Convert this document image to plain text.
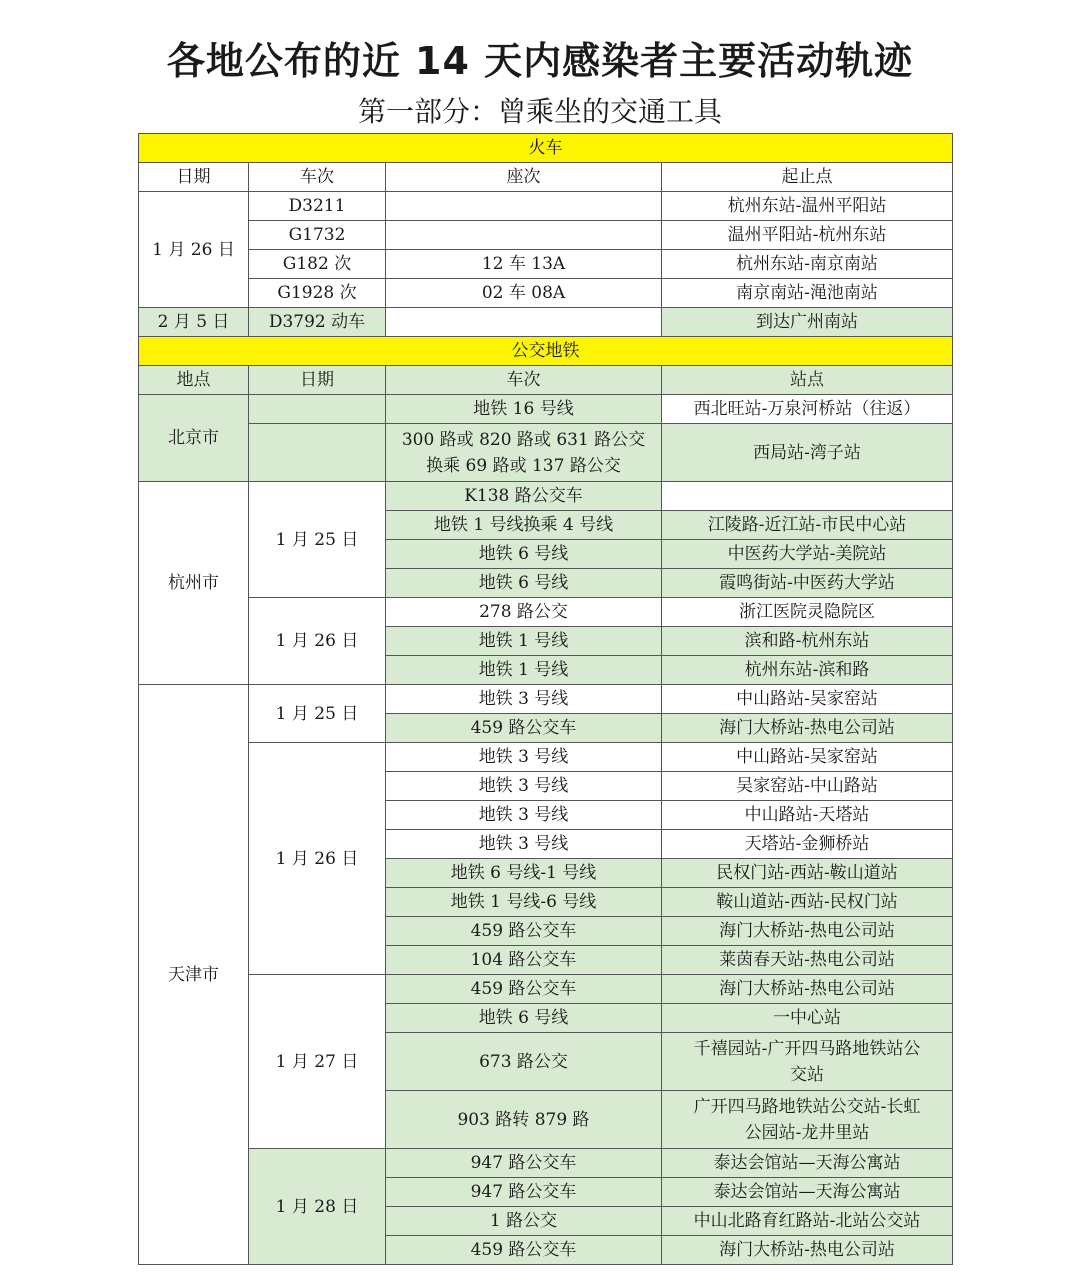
各地公布的近 14 天内感染者主要活动轨迹
第一部分：曾乘坐的交通工具
火车			
日期	车次	座次	起止点
1 月 26 日	D3211		杭州东站-温州平阳站
	G1732		温州平阳站-杭州东站
	G182 次	12 车 13A	杭州东站-南京南站
	G1928 次	02 车 08A	南京南站-渑池南站
2 月 5 日	D3792 动车		到达广州南站
公交地铁			
地点	日期	车次	站点
北京市		地铁 16 号线	西北旺站-万泉河桥站（往返）
		300 路或 820 路或 631 路公交
换乘 69 路或 137 路公交	西局站-湾子站
杭州市	1 月 25 日	K138 路公交车	
		地铁 1 号线换乘 4 号线	江陵路-近江站-市民中心站
		地铁 6 号线	中医药大学站-美院站
		地铁 6 号线	霞鸣街站-中医药大学站
	1 月 26 日	278 路公交	浙江医院灵隐院区
		地铁 1 号线	滨和路-杭州东站
		地铁 1 号线	杭州东站-滨和路
天津市	1 月 25 日	地铁 3 号线	中山路站-吴家窑站
		459 路公交车	海门大桥站-热电公司站
	1 月 26 日	地铁 3 号线	中山路站-吴家窑站
		地铁 3 号线	吴家窑站-中山路站
		地铁 3 号线	中山路站-天塔站
		地铁 3 号线	天塔站-金狮桥站
		地铁 6 号线-1 号线	民权门站-西站-鞍山道站
		地铁 1 号线-6 号线	鞍山道站-西站-民权门站
		459 路公交车	海门大桥站-热电公司站
		104 路公交车	莱茵春天站-热电公司站
	1 月 27 日	459 路公交车	海门大桥站-热电公司站
		地铁 6 号线	一中心站
		673 路公交	千禧园站-广开四马路地铁站公
交站
		903 路转 879 路	广开四马路地铁站公交站-长虹
公园站-龙井里站
	1 月 28 日	947 路公交车	泰达会馆站—天海公寓站
		947 路公交车	泰达会馆站—天海公寓站
		1 路公交	中山北路育红路站-北站公交站
		459 路公交车	海门大桥站-热电公司站
